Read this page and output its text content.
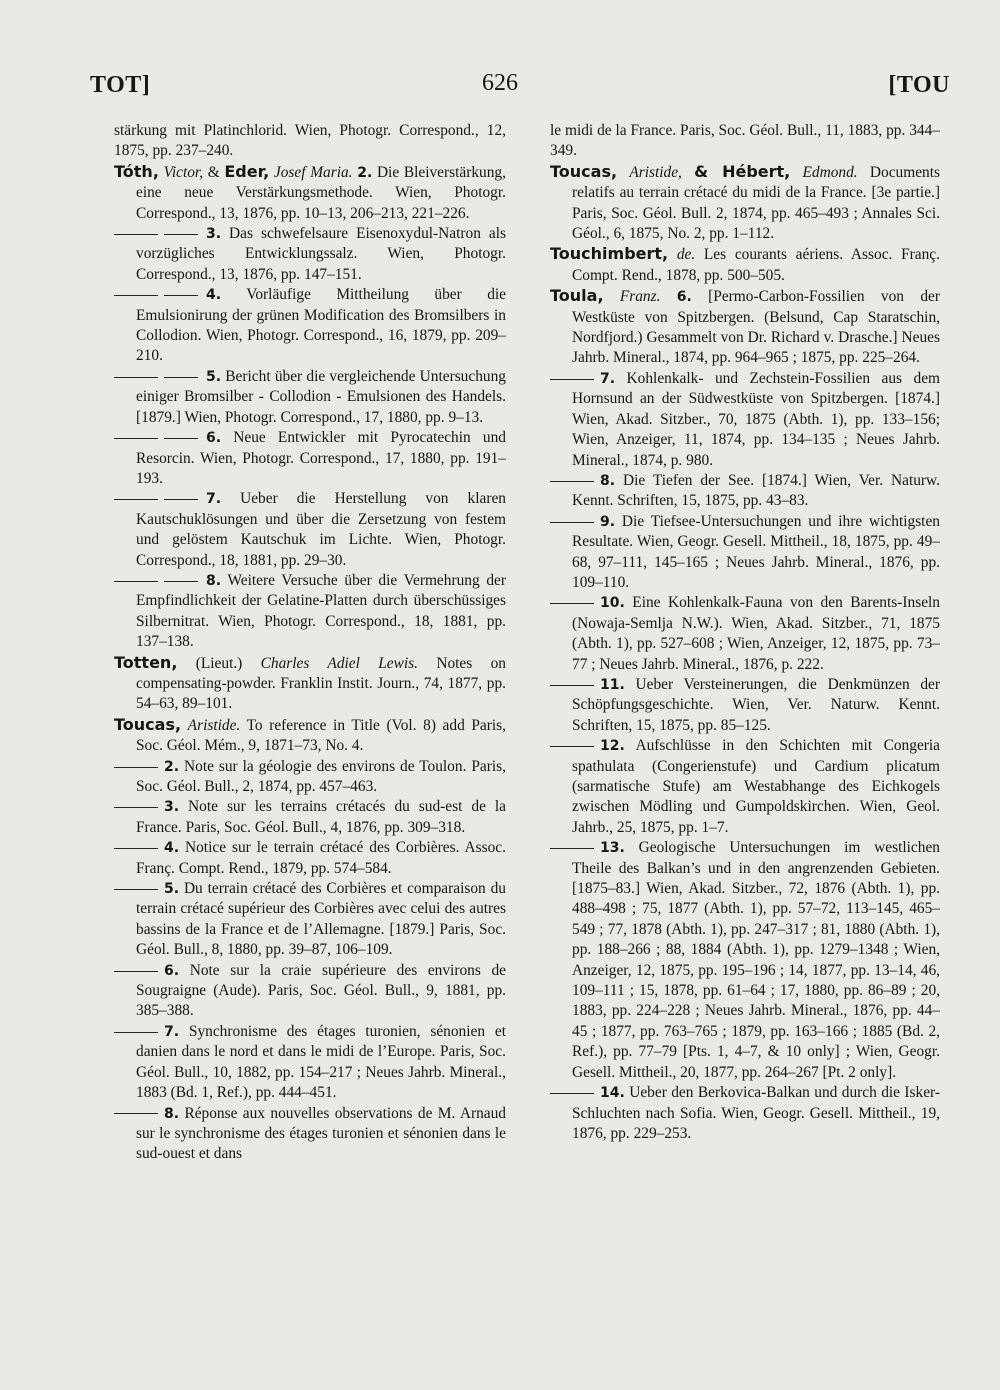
TOT]	626	[TOU
stärkung mit Platinchlorid. Wien, Photogr. Correspond., 12, 1875, pp. 237–240.
Tóth, Victor, & Eder, Josef Maria. 2. Die Bleiverstärkung, eine neue Verstärkungsmethode. Wien, Photogr. Correspond., 13, 1876, pp. 10–13, 206–213, 221–226.
3. Das schwefelsaure Eisenoxydul-Natron als vorzügliches Entwicklungssalz. Wien, Photogr. Correspond., 13, 1876, pp. 147–151.
4. Vorläufige Mittheilung über die Emulsionirung der grünen Modification des Bromsilbers in Collodion. Wien, Photogr. Correspond., 16, 1879, pp. 209–210.
5. Bericht über die vergleichende Untersuchung einiger Bromsilber - Collodion - Emulsionen des Handels. [1879.] Wien, Photogr. Correspond., 17, 1880, pp. 9–13.
6. Neue Entwickler mit Pyrocatechin und Resorcin. Wien, Photogr. Correspond., 17, 1880, pp. 191–193.
7. Ueber die Herstellung von klaren Kautschuklösungen und über die Zersetzung von festem und gelöstem Kautschuk im Lichte. Wien, Photogr. Correspond., 18, 1881, pp. 29–30.
8. Weitere Versuche über die Vermehrung der Empfindlichkeit der Gelatine-Platten durch überschüssiges Silbernitrat. Wien, Photogr. Correspond., 18, 1881, pp. 137–138.
Totten, (Lieut.) Charles Adiel Lewis. Notes on compensating-powder. Franklin Instit. Journ., 74, 1877, pp. 54–63, 89–101.
Toucas, Aristide. To reference in Title (Vol. 8) add Paris, Soc. Géol. Mém., 9, 1871–73, No. 4.
2. Note sur la géologie des environs de Toulon. Paris, Soc. Géol. Bull., 2, 1874, pp. 457–463.
3. Note sur les terrains crétacés du sud-est de la France. Paris, Soc. Géol. Bull., 4, 1876, pp. 309–318.
4. Notice sur le terrain crétacé des Corbières. Assoc. Franç. Compt. Rend., 1879, pp. 574–584.
5. Du terrain crétacé des Corbières et comparaison du terrain crétacé supérieur des Corbières avec celui des autres bassins de la France et de l’Allemagne. [1879.] Paris, Soc. Géol. Bull., 8, 1880, pp. 39–87, 106–109.
6. Note sur la craie supérieure des environs de Sougraigne (Aude). Paris, Soc. Géol. Bull., 9, 1881, pp. 385–388.
7. Synchronisme des étages turonien, sénonien et danien dans le nord et dans le midi de l’Europe. Paris, Soc. Géol. Bull., 10, 1882, pp. 154–217 ; Neues Jahrb. Mineral., 1883 (Bd. 1, Ref.), pp. 444–451.
8. Réponse aux nouvelles observations de M. Arnaud sur le synchronisme des étages turonien et sénonien dans le sud-ouest et dans
le midi de la France. Paris, Soc. Géol. Bull., 11, 1883, pp. 344–349.
Toucas, Aristide, & Hébert, Edmond. Documents relatifs au terrain crétacé du midi de la France. [3e partie.] Paris, Soc. Géol. Bull. 2, 1874, pp. 465–493 ; Annales Sci. Géol., 6, 1875, No. 2, pp. 1–112.
Touchimbert, de. Les courants aériens. Assoc. Franç. Compt. Rend., 1878, pp. 500–505.
Toula, Franz. 6. [Permo-Carbon-Fossilien von der Westküste von Spitzbergen. (Belsund, Cap Staratschin, Nordfjord.) Gesammelt von Dr. Richard v. Drasche.] Neues Jahrb. Mineral., 1874, pp. 964–965 ; 1875, pp. 225–264.
7. Kohlenkalk- und Zechstein-Fossilien aus dem Hornsund an der Südwestküste von Spitzbergen. [1874.] Wien, Akad. Sitzber., 70, 1875 (Abth. 1), pp. 133–156; Wien, Anzeiger, 11, 1874, pp. 134–135 ; Neues Jahrb. Mineral., 1874, p. 980.
8. Die Tiefen der See. [1874.] Wien, Ver. Naturw. Kennt. Schriften, 15, 1875, pp. 43–83.
9. Die Tiefsee-Untersuchungen und ihre wichtigsten Resultate. Wien, Geogr. Gesell. Mittheil., 18, 1875, pp. 49–68, 97–111, 145–165 ; Neues Jahrb. Mineral., 1876, pp. 109–110.
10. Eine Kohlenkalk-Fauna von den Barents-Inseln (Nowaja-Semlja N.W.). Wien, Akad. Sitzber., 71, 1875 (Abth. 1), pp. 527–608 ; Wien, Anzeiger, 12, 1875, pp. 73–77 ; Neues Jahrb. Mineral., 1876, p. 222.
11. Ueber Versteinerungen, die Denkmünzen der Schöpfungsgeschichte. Wien, Ver. Naturw. Kennt. Schriften, 15, 1875, pp. 85–125.
12. Aufschlüsse in den Schichten mit Congeria spathulata (Congerienstufe) und Cardium plicatum (sarmatische Stufe) am Westabhange des Eichkogels zwischen Mödling und Gumpoldskirchen. Wien, Geol. Jahrb., 25, 1875, pp. 1–7.
13. Geologische Untersuchungen im westlichen Theile des Balkan’s und in den angrenzenden Gebieten. [1875–83.] Wien, Akad. Sitzber., 72, 1876 (Abth. 1), pp. 488–498 ; 75, 1877 (Abth. 1), pp. 57–72, 113–145, 465–549 ; 77, 1878 (Abth. 1), pp. 247–317 ; 81, 1880 (Abth. 1), pp. 188–266 ; 88, 1884 (Abth. 1), pp. 1279–1348 ; Wien, Anzeiger, 12, 1875, pp. 195–196 ; 14, 1877, pp. 13–14, 46, 109–111 ; 15, 1878, pp. 61–64 ; 17, 1880, pp. 86–89 ; 20, 1883, pp. 224–228 ; Neues Jahrb. Mineral., 1876, pp. 44–45 ; 1877, pp. 763–765 ; 1879, pp. 163–166 ; 1885 (Bd. 2, Ref.), pp. 77–79 [Pts. 1, 4–7, & 10 only] ; Wien, Geogr. Gesell. Mittheil., 20, 1877, pp. 264–267 [Pt. 2 only].
14. Ueber den Berkovica-Balkan und durch die Isker-Schluchten nach Sofia. Wien, Geogr. Gesell. Mittheil., 19, 1876, pp. 229–253.
